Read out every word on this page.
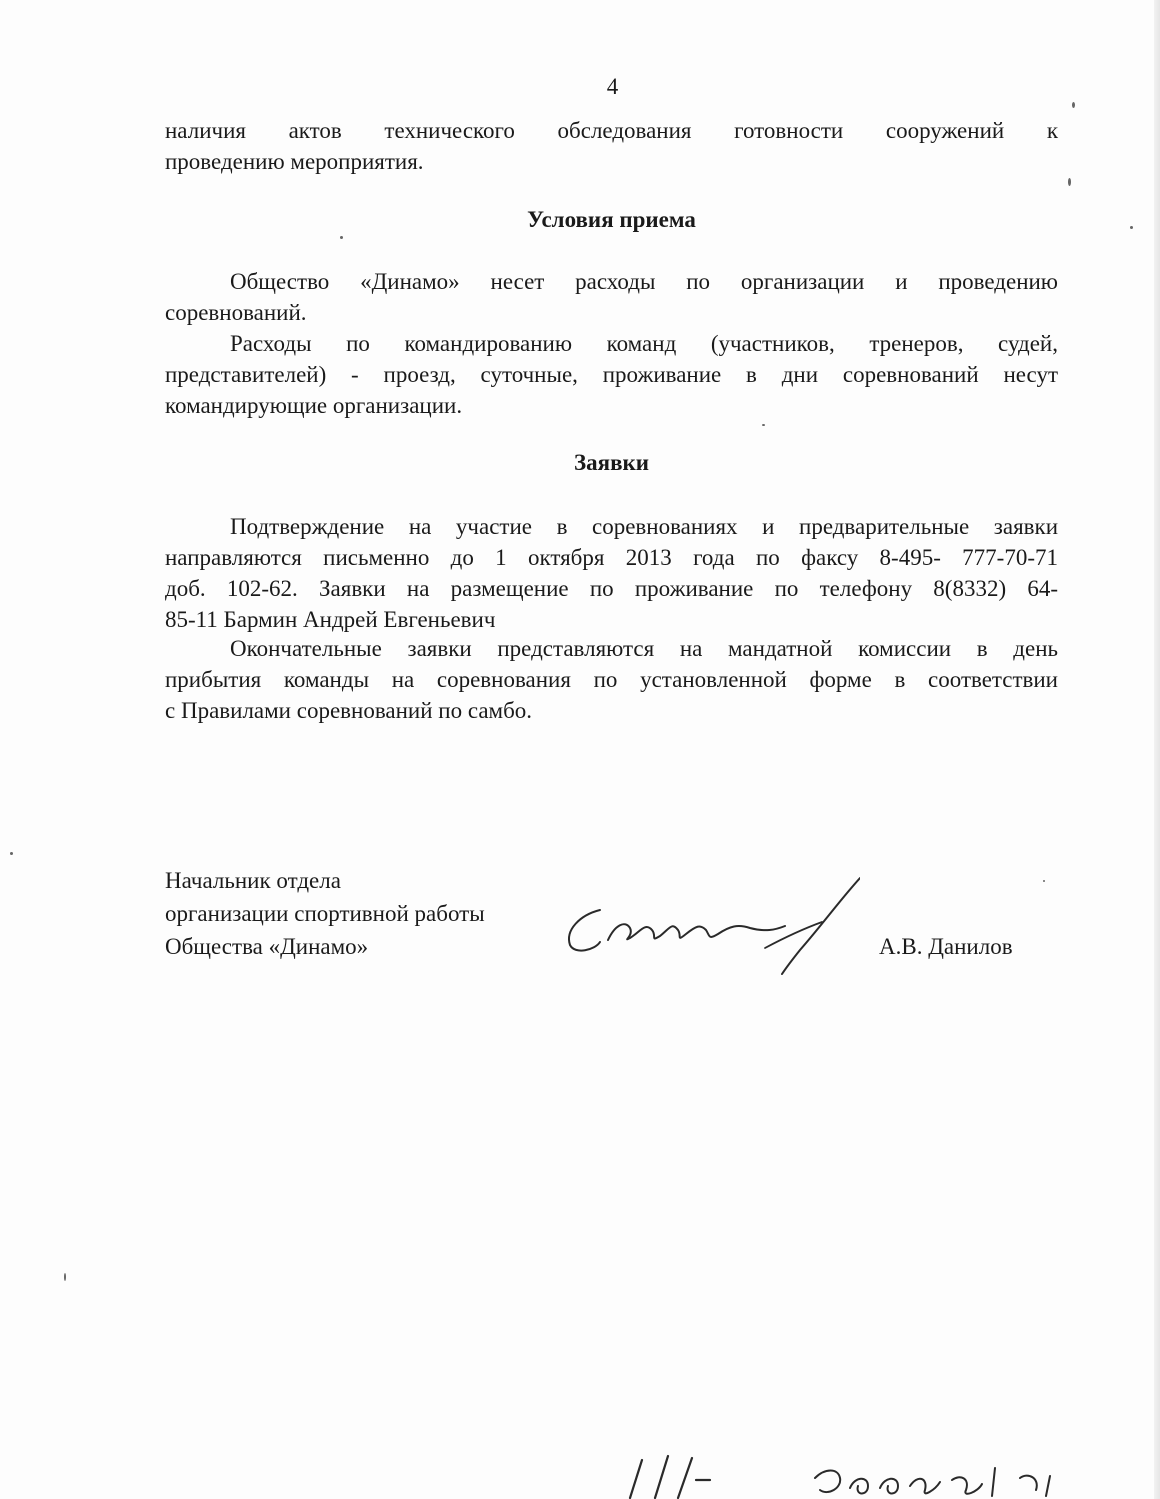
4
наличия актов технического обследования готовности сооружений к
проведению мероприятия.
Условия приема
Общество «Динамо» несет расходы по организации и проведению
соревнований.
Расходы по командированию команд (участников, тренеров, судей,
представителей) - проезд, суточные, проживание в дни соревнований несут
командирующие организации.
Заявки
Подтверждение на участие в соревнованиях и предварительные заявки
направляются письменно до 1 октября 2013 года по факсу 8-495- 777-70-71
доб. 102-62. Заявки на размещение по проживание по телефону 8(8332) 64-
85-11 Бармин Андрей Евгеньевич
Окончательные заявки представляются на мандатной комиссии в день
прибытия команды на соревнования по установленной форме в соответствии
с Правилами соревнований по самбо.
Начальник отдела
организации спортивной работы
Общества «Динамо»	А.В. Данилов
